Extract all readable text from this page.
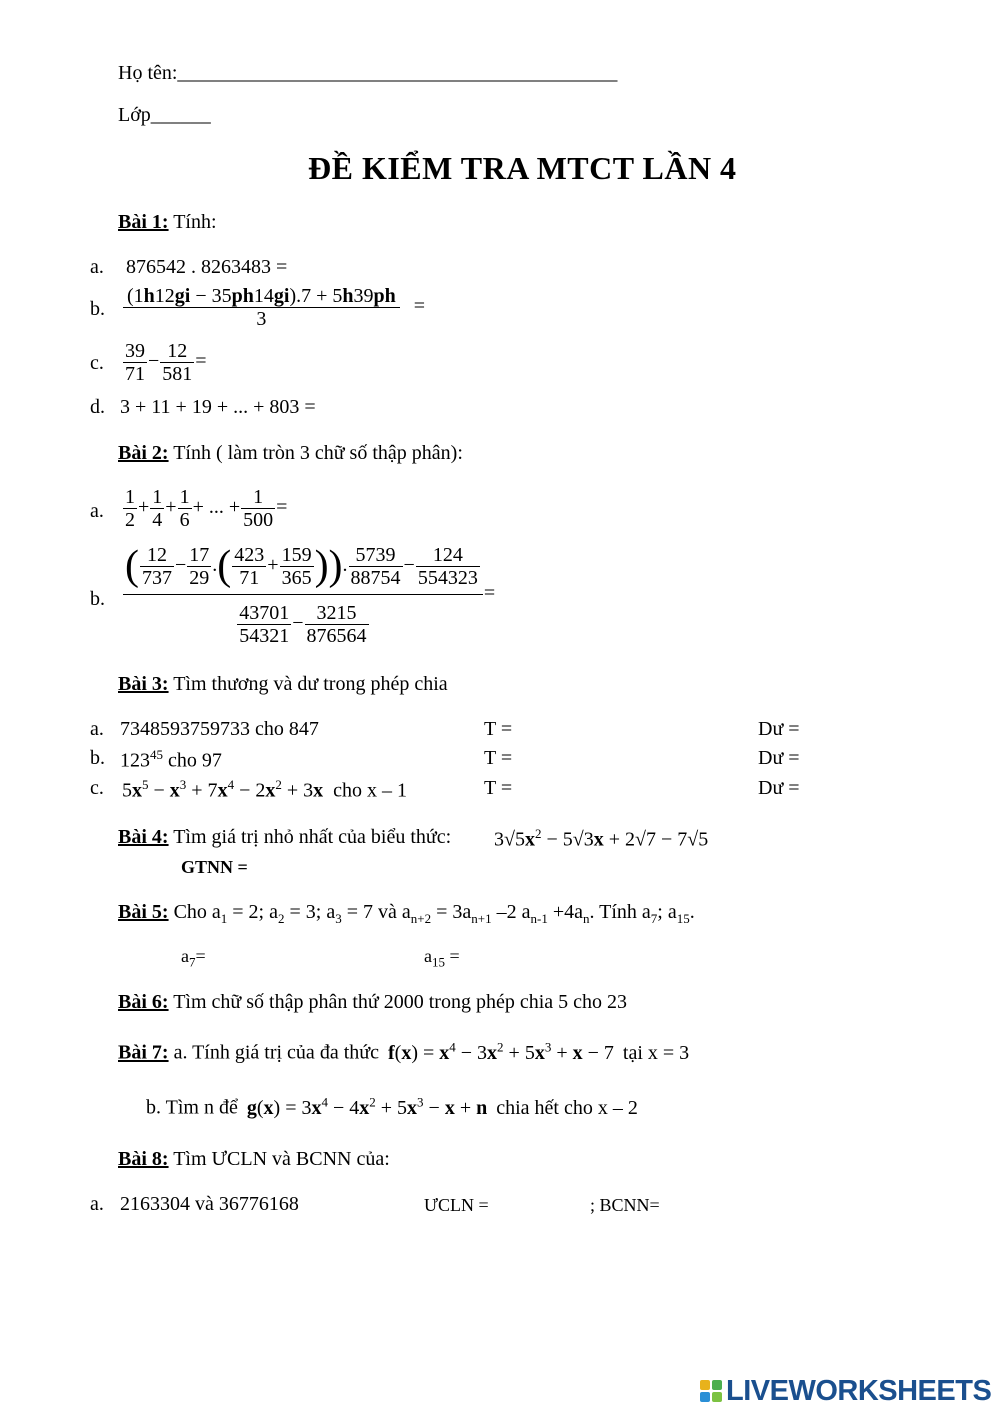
Họ tên:____________________________________________
Lớp______
ĐỀ KIỂM TRA MTCT LẦN 4
Bài 1: Tính:
a. 876542 . 8263483 =
b. $\frac{(1h12gi - 35ph14gi).7 + 5h39ph}{3}$ =
c. $\frac{39}{71} - \frac{12}{581}$ =
d. 3 + 11 + 19 + ... + 803 =
Bài 2: Tính ( làm tròn 3 chữ số thập phân):
a. $\frac{1}{2} + \frac{1}{4} + \frac{1}{6}$ + ... + $\frac{1}{500}$ =
b. $\frac{( \frac{12}{737} - \frac{17}{29} .( \frac{423}{71} + \frac{159}{365} )). \frac{5739}{88754} - \frac{124}{554323}}{\frac{43701}{54321} - \frac{3215}{876564}}$ =
Bài 3: Tìm thương và dư trong phép chia
a. 7348593759733 cho 847	T =	Dư =
b. $123^{45}$ cho 97	T =	Dư =
c. $5x^5 - x^3 + 7x^4 - 2x^2 + 3x$ cho x – 1	T =	Dư =
Bài 4: Tìm giá trị nhỏ nhất của biểu thức: $3√5x^2 - 5√3x + 2√7 - 7√5$
GTNN =
Bài 5: Cho $a_1 = 2$; $a_2 = 3$; $a_3 = 7$ và $a_{n+2} = 3a_{n+1}$ –2 $a_{n-1} +4a_n$. Tính $a_7$; $a_{15}$.
$a_7=$	$a_{15}$ =
Bài 6: Tìm chữ số thập phân thứ 2000 trong phép chia 5 cho 23
Bài 7: a. Tính giá trị của đa thức $f(x) = x^4 - 3x^2 + 5x^3 + x - 7$ tại x = 3
b. Tìm n để $g(x) = 3x^4 - 4x^2 + 5x^3 - x + n$ chia hết cho x – 2
Bài 8: Tìm ƯCLN và BCNN của:
a. 2163304 và 36776168	ƯCLN =	; BCNN=
LIVEWORKSHEETS
